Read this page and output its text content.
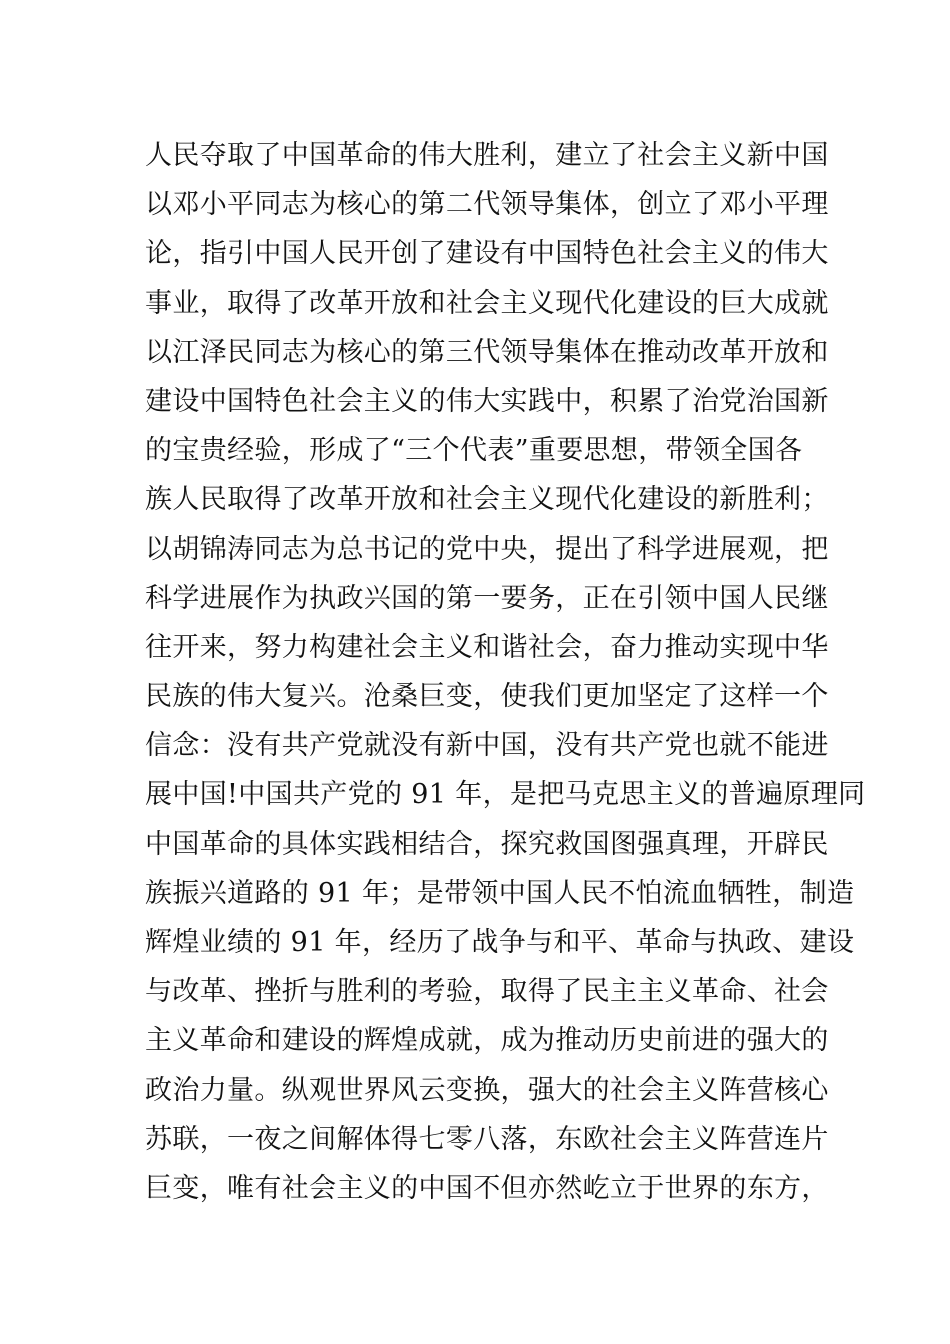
人民夺取了中国革命的伟大胜利，建立了社会主义新中国
以邓小平同志为核心的第二代领导集体，创立了邓小平理
论，指引中国人民开创了建设有中国特色社会主义的伟大
事业，取得了改革开放和社会主义现代化建设的巨大成就
以江泽民同志为核心的第三代领导集体在推动改革开放和
建设中国特色社会主义的伟大实践中，积累了治党治国新
的宝贵经验，形成了“三个代表”重要思想，带领全国各
族人民取得了改革开放和社会主义现代化建设的新胜利；
以胡锦涛同志为总书记的党中央，提出了科学进展观，把
科学进展作为执政兴国的第一要务，正在引领中国人民继
往开来，努力构建社会主义和谐社会，奋力推动实现中华
民族的伟大复兴。沧桑巨变，使我们更加坚定了这样一个
信念：没有共产党就没有新中国，没有共产党也就不能进
展中国!中国共产党的 91 年，是把马克思主义的普遍原理同
中国革命的具体实践相结合，探究救国图强真理，开辟民
族振兴道路的 91 年；是带领中国人民不怕流血牺牲，制造
辉煌业绩的 91 年，经历了战争与和平、革命与执政、建设
与改革、挫折与胜利的考验，取得了民主主义革命、社会
主义革命和建设的辉煌成就，成为推动历史前进的强大的
政治力量。纵观世界风云变换，强大的社会主义阵营核心
苏联，一夜之间解体得七零八落，东欧社会主义阵营连片
巨变，唯有社会主义的中国不但亦然屹立于世界的东方，
